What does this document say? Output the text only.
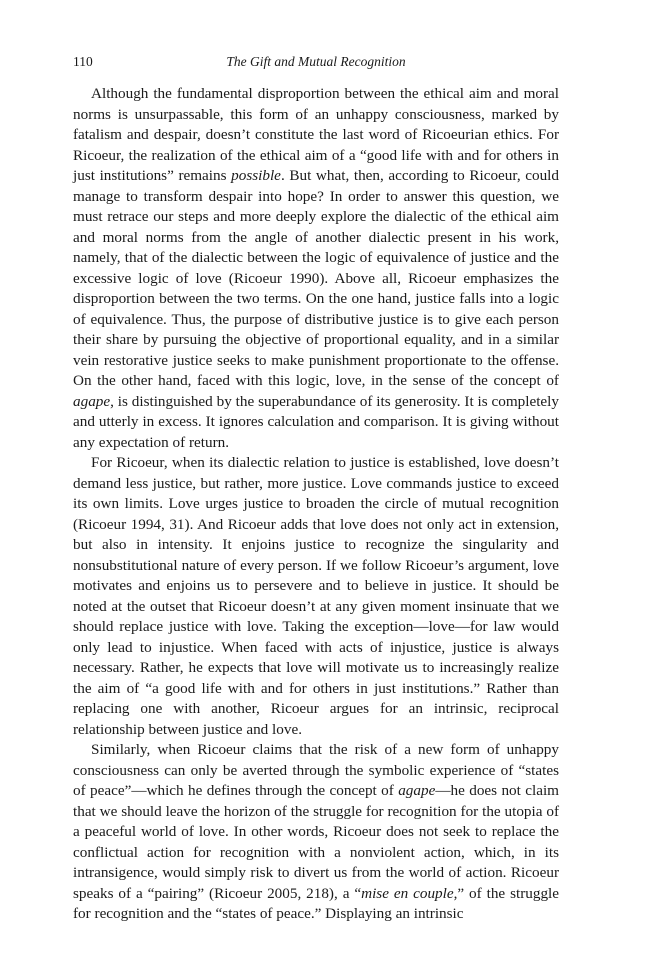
110	The Gift and Mutual Recognition

Although the fundamental disproportion between the ethical aim and moral norms is unsurpassable, this form of an unhappy consciousness, marked by fatalism and despair, doesn’t constitute the last word of Ricoeurian ethics. For Ricoeur, the realization of the ethical aim of a “good life with and for others in just institutions” remains possible. But what, then, according to Ricoeur, could manage to transform despair into hope? In order to answer this question, we must retrace our steps and more deeply explore the dialectic of the ethical aim and moral norms from the angle of another dialectic present in his work, namely, that of the dialectic between the logic of equivalence of justice and the excessive logic of love (Ricoeur 1990). Above all, Ricoeur emphasizes the disproportion between the two terms. On the one hand, justice falls into a logic of equivalence. Thus, the purpose of distributive justice is to give each person their share by pursuing the objective of proportional equality, and in a similar vein restorative justice seeks to make punishment proportionate to the offense. On the other hand, faced with this logic, love, in the sense of the concept of agape, is distinguished by the superabundance of its generosity. It is completely and utterly in excess. It ignores calculation and comparison. It is giving without any expectation of return.

For Ricoeur, when its dialectic relation to justice is established, love doesn’t demand less justice, but rather, more justice. Love commands justice to exceed its own limits. Love urges justice to broaden the circle of mutual recognition (Ricoeur 1994, 31). And Ricoeur adds that love does not only act in extension, but also in intensity. It enjoins justice to recognize the singularity and nonsubstitutional nature of every person. If we follow Ricoeur’s argument, love motivates and enjoins us to persevere and to believe in justice. It should be noted at the outset that Ricoeur doesn’t at any given moment insinuate that we should replace justice with love. Taking the exception—love—for law would only lead to injustice. When faced with acts of injustice, justice is always necessary. Rather, he expects that love will motivate us to increasingly realize the aim of “a good life with and for others in just institutions.” Rather than replacing one with another, Ricoeur argues for an intrinsic, reciprocal relationship between justice and love.

Similarly, when Ricoeur claims that the risk of a new form of unhappy consciousness can only be averted through the symbolic experience of “states of peace”—which he defines through the concept of agape—he does not claim that we should leave the horizon of the struggle for recognition for the utopia of a peaceful world of love. In other words, Ricoeur does not seek to replace the conflictual action for recognition with a nonviolent action, which, in its intransigence, would simply risk to divert us from the world of action. Ricoeur speaks of a “pairing” (Ricoeur 2005, 218), a “mise en couple,” of the struggle for recognition and the “states of peace.” Displaying an intrinsic
